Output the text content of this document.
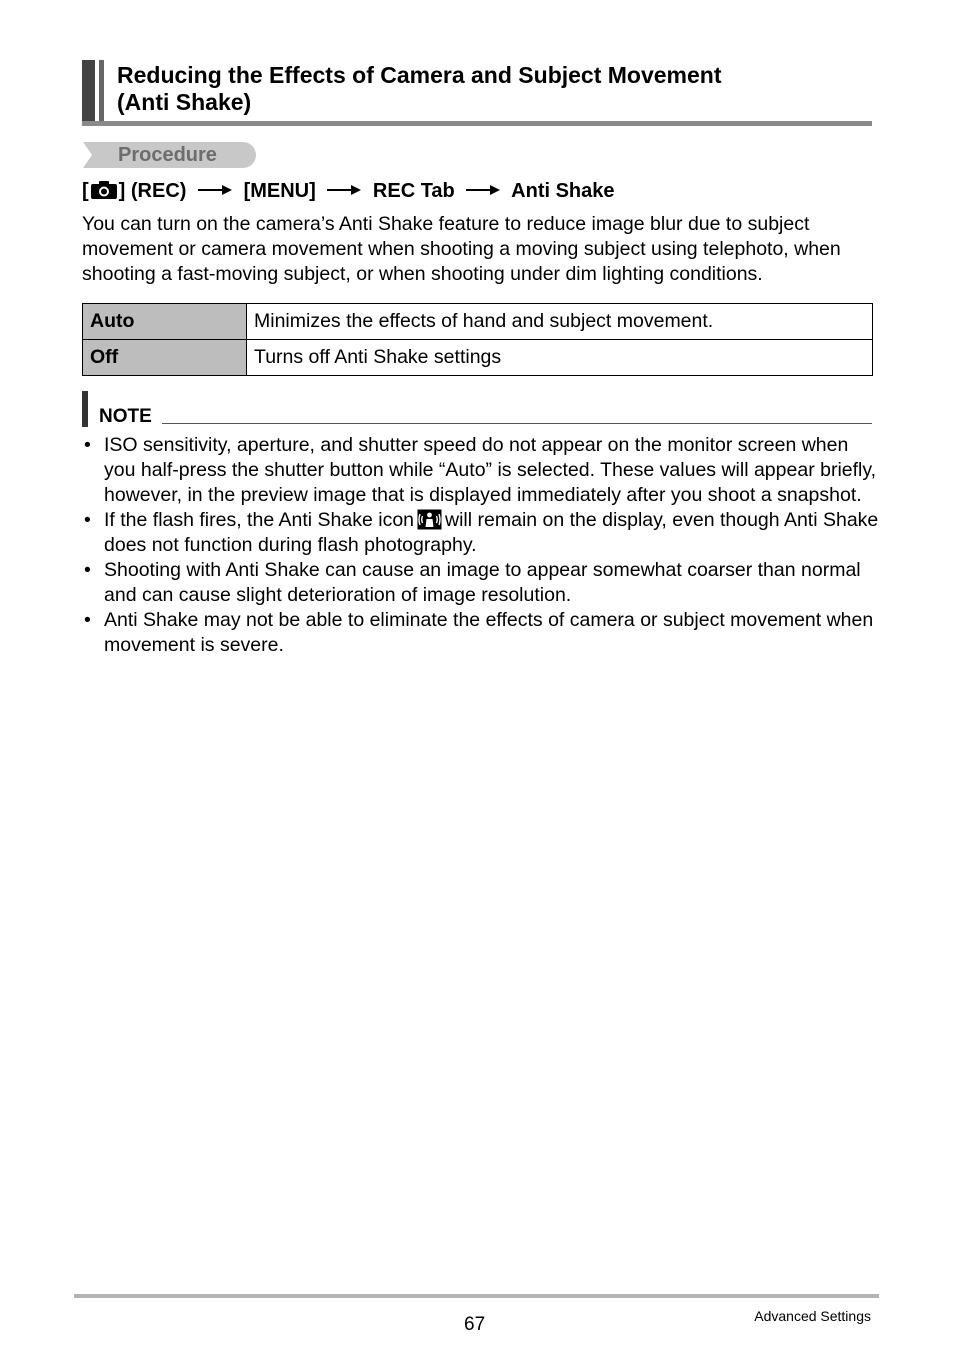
Reducing the Effects of Camera and Subject Movement
(Anti Shake)
Procedure
[ ] (REC)	[MENU]	REC Tab	Anti Shake
You can turn on the camera’s Anti Shake feature to reduce image blur due to subject movement or camera movement when shooting a moving subject using telephoto, when shooting a fast-moving subject, or when shooting under dim lighting conditions.
Auto	Minimizes the effects of hand and subject movement.
Off	Turns off Anti Shake settings
NOTE
• ISO sensitivity, aperture, and shutter speed do not appear on the monitor screen when you half-press the shutter button while “Auto” is selected. These values will appear briefly, however, in the preview image that is displayed immediately after you shoot a snapshot.
• If the flash fires, the Anti Shake icon will remain on the display, even though Anti Shake does not function during flash photography.
• Shooting with Anti Shake can cause an image to appear somewhat coarser than normal and can cause slight deterioration of image resolution.
• Anti Shake may not be able to eliminate the effects of camera or subject movement when movement is severe.
67	Advanced Settings
